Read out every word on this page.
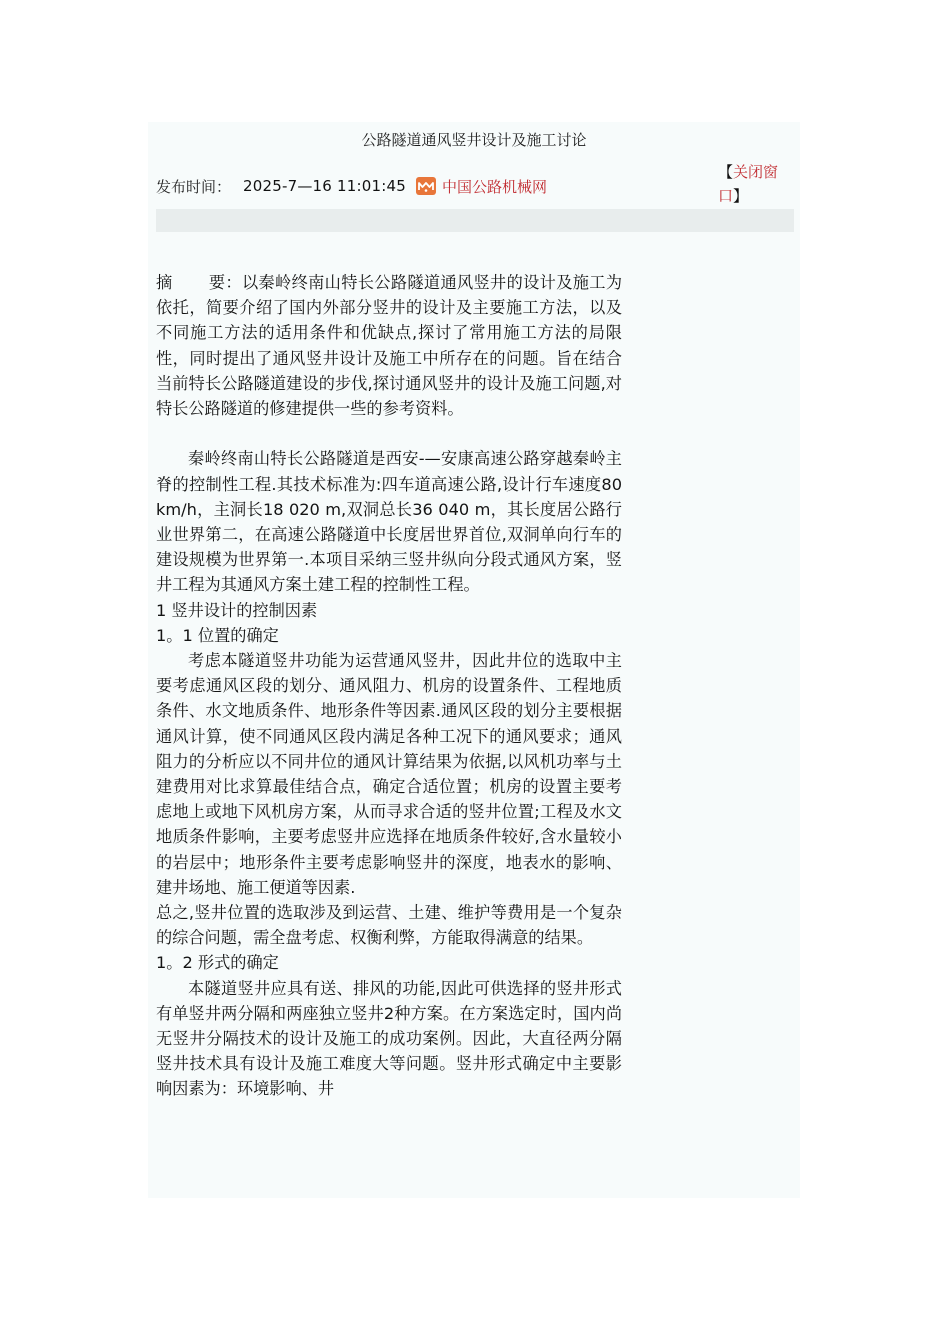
公路隧道通风竖井设计及施工讨论
发布时间： 2025-7—16 11:01:45 中国公路机械网
【关闭窗口】

摘 要：以秦岭终南山特长公路隧道通风竖井的设计及施工为依托，简要介绍了国内外部分竖井的设计及主要施工方法，以及不同施工方法的适用条件和优缺点,探讨了常用施工方法的局限性，同时提出了通风竖井设计及施工中所存在的问题。旨在结合当前特长公路隧道建设的步伐,探讨通风竖井的设计及施工问题,对特长公路隧道的修建提供一些的参考资料。

秦岭终南山特长公路隧道是西安-—安康高速公路穿越秦岭主脊的控制性工程.其技术标准为:四车道高速公路,设计行车速度80 km/h，主洞长18 020 m,双洞总长36 040 m，其长度居公路行业世界第二，在高速公路隧道中长度居世界首位,双洞单向行车的建设规模为世界第一.本项目采纳三竖井纵向分段式通风方案，竖井工程为其通风方案土建工程的控制性工程。

1 竖井设计的控制因素

1。1 位置的确定

考虑本隧道竖井功能为运营通风竖井，因此井位的选取中主要考虑通风区段的划分、通风阻力、机房的设置条件、工程地质条件、水文地质条件、地形条件等因素.通风区段的划分主要根据通风计算，使不同通风区段内满足各种工况下的通风要求；通风阻力的分析应以不同井位的通风计算结果为依据,以风机功率与土建费用对比求算最佳结合点，确定合适位置；机房的设置主要考虑地上或地下风机房方案，从而寻求合适的竖井位置;工程及水文地质条件影响，主要考虑竖井应选择在地质条件较好,含水量较小的岩层中；地形条件主要考虑影响竖井的深度，地表水的影响、建井场地、施工便道等因素.

总之,竖井位置的选取涉及到运营、土建、维护等费用是一个复杂的综合问题，需全盘考虑、权衡利弊，方能取得满意的结果。

1。2 形式的确定

本隧道竖井应具有送、排风的功能,因此可供选择的竖井形式有单竖井两分隔和两座独立竖井2种方案。在方案选定时，国内尚无竖井分隔技术的设计及施工的成功案例。因此，大直径两分隔竖井技术具有设计及施工难度大等问题。竖井形式确定中主要影响因素为：环境影响、井
